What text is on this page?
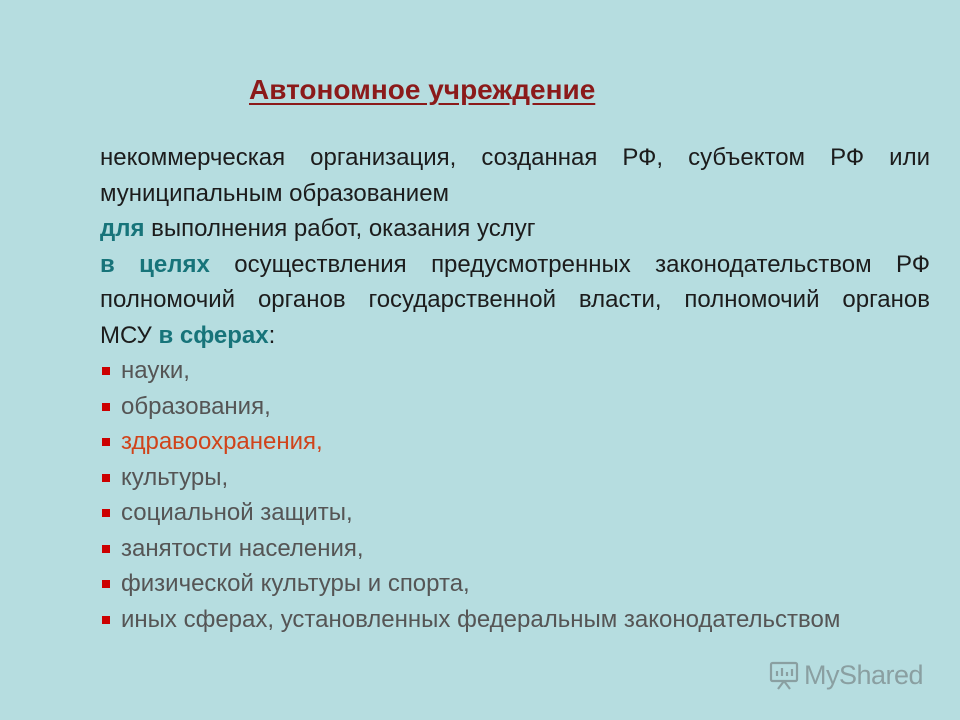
Автономное учреждение
некоммерческая организация, созданная РФ, субъектом РФ или
муниципальным образованием
для выполнения работ, оказания услуг
в целях осуществления предусмотренных законодательством РФ
полномочий органов государственной власти, полномочий органов
МСУ в сферах:
науки,
образования,
здравоохранения,
культуры,
социальной защиты,
занятости населения,
физической культуры и спорта,
иных сферах, установленных федеральным законодательством
MyShared
